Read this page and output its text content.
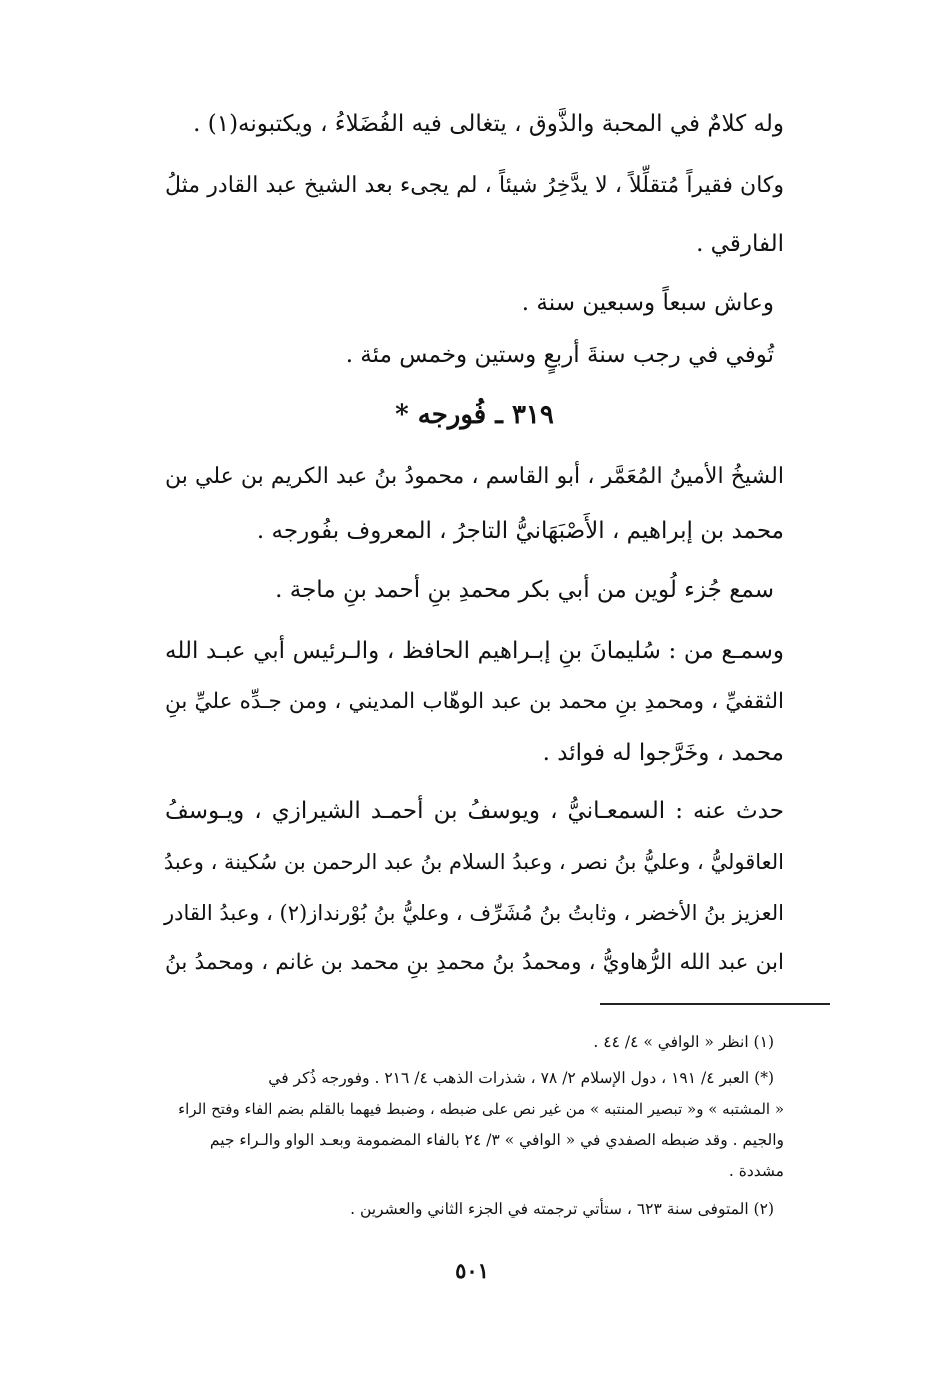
وله كلامٌ في المحبة والذَّوق ، يتغالى فيه الفُضَلاءُ ، ويكتبونه(١) .
وكان فقيراً مُتقلِّلاً ، لا يدَّخِرُ شيئاً ، لم يجىء بعد الشيخ عبد القادر مثلُ
الفارقي .
وعاش سبعاً وسبعين سنة .
تُوفي في رجب سنةَ أربعٍ وستين وخمس مئة .
٣١٩ ـ فُورجه *
الشيخُ الأمينُ المُعَمَّر ، أبو القاسم ، محمودُ بنُ عبد الكريم بن علي بن
محمد بن إبراهيم ، الأَصْبَهَانيُّ التاجرُ ، المعروف بفُورجه .
سمع جُزء لُوين من أبي بكر محمدِ بنِ أحمد بنِ ماجة .
وسمـع من : سُليمانَ بنِ إبـراهيم الحافظ ، والـرئيس أبي عبـد الله
الثقفيِّ ، ومحمدِ بنِ محمد بن عبد الوهّاب المديني ، ومن جـدِّه عليِّ بنِ
محمد ، وخَرَّجوا له فوائد .
حدث عنه : السمعـانيُّ ، ويوسفُ بن أحمـد الشيرازي ، ويـوسفُ
العاقوليُّ ، وعليُّ بنُ نصر ، وعبدُ السلام بنُ عبد الرحمن بن سُكينة ، وعبدُ
العزيز بنُ الأخضر ، وثابتُ بنُ مُشَرِّف ، وعليُّ بنُ بُوْرنداز(٢) ، وعبدُ القادر
ابن عبد الله الرُّهاويُّ ، ومحمدُ بنُ محمدِ بنِ محمد بن غانم ، ومحمدُ بنُ
(١) انظر « الوافي » ٤/ ٤٤ .
(*) العبر ٤/ ١٩١ ، دول الإسلام ٢/ ٧٨ ، شذرات الذهب ٤/ ٢١٦ . وفورجه ذُكر في
« المشتبه » و« تبصير المنتبه » من غير نص على ضبطه ، وضبط فيهما بالقلم بضم الفاء وفتح الراء
والجيم . وقد ضبطه الصفدي في « الوافي » ٣/ ٢٤ بالفاء المضمومة وبعـد الواو والـراء جيم
مشددة .
(٢) المتوفى سنة ٦٢٣ ، ستأتي ترجمته في الجزء الثاني والعشرين .
٥٠١
